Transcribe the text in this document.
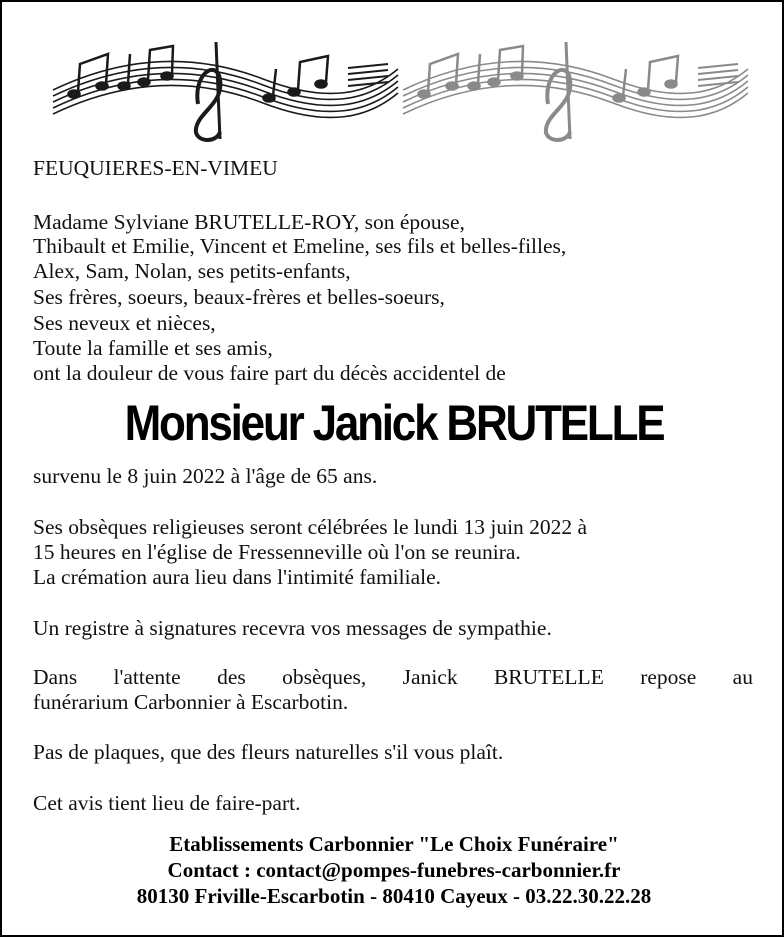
FEUQUIERES-EN-VIMEU
Madame Sylviane BRUTELLE-ROY, son épouse,
Thibault et Emilie, Vincent et Emeline, ses fils et belles-filles,
Alex, Sam, Nolan, ses petits-enfants,
Ses frères, soeurs, beaux-frères et belles-soeurs,
Ses neveux et nièces,
Toute la famille et ses amis,
ont la douleur de vous faire part du décès accidentel de
Monsieur Janick BRUTELLE
survenu le 8 juin 2022 à l'âge de 65 ans.
Ses obsèques religieuses seront célébrées le lundi 13 juin 2022 à
15 heures en l'église de Fressenneville où l'on se reunira.
La crémation aura lieu dans l'intimité familiale.
Un registre à signatures recevra vos messages de sympathie.
Dans l'attente des obsèques, Janick BRUTELLE repose au
funérarium Carbonnier à Escarbotin.
Pas de plaques, que des fleurs naturelles s'il vous plaît.
Cet avis tient lieu de faire-part.
Etablissements Carbonnier "Le Choix Funéraire"
Contact : contact@pompes-funebres-carbonnier.fr
80130 Friville-Escarbotin - 80410 Cayeux - 03.22.30.22.28
